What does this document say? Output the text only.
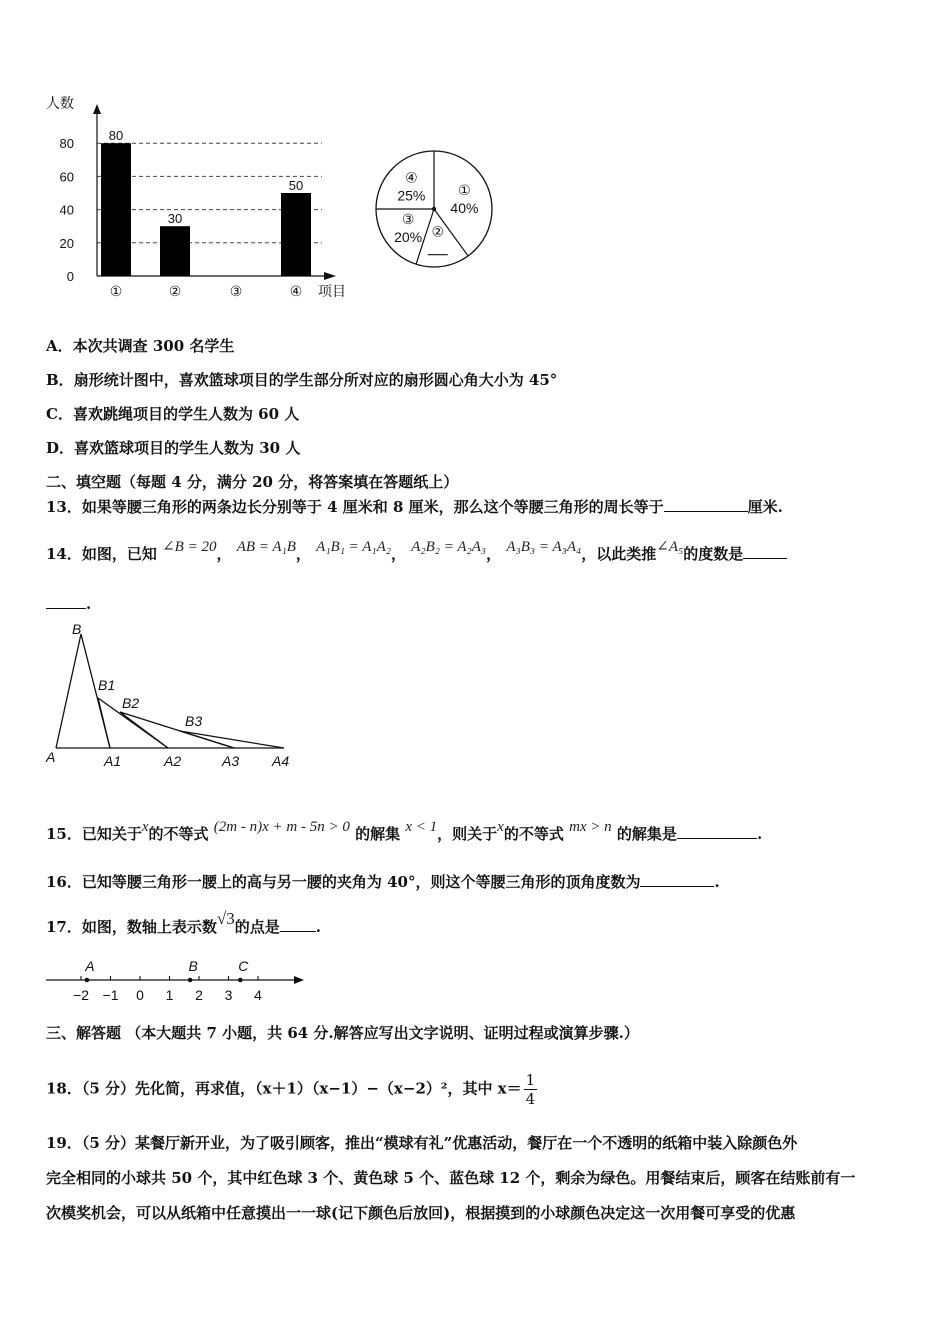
人数
0
20
40
60
80
80
30
50
①	②	③	④ 项目
①
40%
②
③
20%
④
25%
A．本次共调查 300 名学生
B．扇形统计图中，喜欢篮球项目的学生部分所对应的扇形圆心角大小为 45°
C．喜欢跳绳项目的学生人数为 60 人
D．喜欢篮球项目的学生人数为 30 人
二、填空题（每题 4 分，满分 20 分，将答案填在答题纸上）
13．如果等腰三角形的两条边长分别等于 4 厘米和 8 厘米，那么这个等腰三角形的周长等于	厘米.
14．如图，已知 ∠B = 20， AB = A₁B， A₁B₁ = A₁A₂， A₂B₂ = A₂A₃， A₃B₃ = A₃A₄，以此类推∠A₅的度数是
.
B
B1
B2
B3
A	A1	A2	A3 A4
15．已知关于x的不等式 (2m - n)x + m - 5n > 0 的解集 x < 1，则关于x的不等式 mx > n 的解集是	.
16．已知等腰三角形一腰上的高与另一腰的夹角为 40°，则这个等腰三角形的顶角度数为	.
17．如图，数轴上表示数√3的点是 .
−2 −1 0 1 2 3 4
A	B	C
三、解答题 （本大题共 7 小题，共 64 分.解答应写出文字说明、证明过程或演算步骤.）
18．（5 分）先化简，再求值，（x＋1）（x−1）−（x−2）²，其中 $x= \frac{1}{4}$
19．（5 分）某餐厅新开业，为了吸引顾客，推出“模球有礼”优惠活动，餐厅在一个不透明的纸箱中装入除颜色外
完全相同的小球共 50 个，其中红色球 3 个、黄色球 5 个、蓝色球 12 个，剩余为绿色。用餐结束后，顾客在结账前有一
次模奖机会，可以从纸箱中任意摸出一一球(记下颜色后放回)，根据摸到的小球颜色决定这一次用餐可享受的优惠
